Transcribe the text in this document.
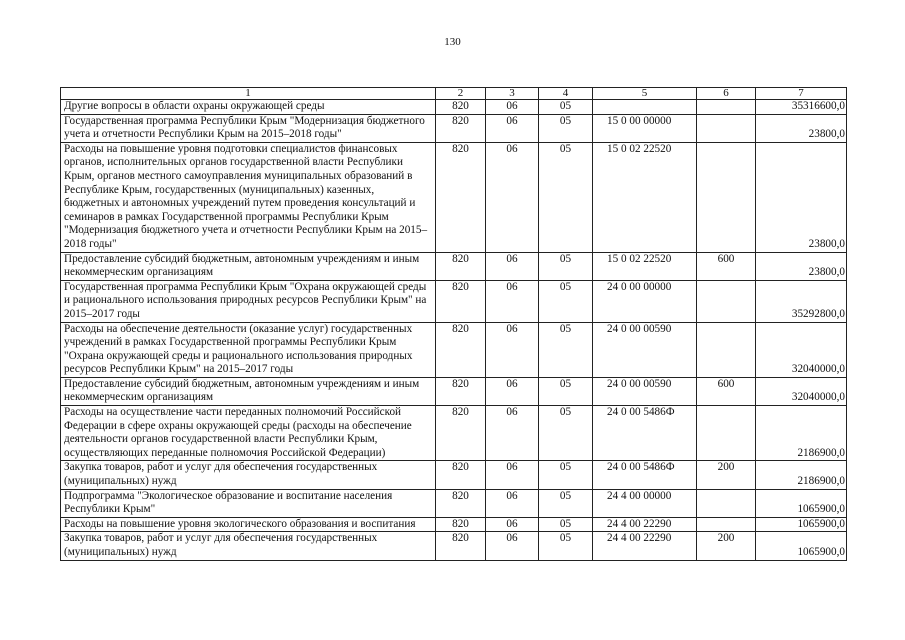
130
1	2	3	4	5	6	7
Другие вопросы в области охраны окружающей среды	820	06	05			35316600,0
Государственная программа Республики Крым "Модернизация бюджетного учета и отчетности Республики Крым на 2015–2018 годы"	820	06	05	15 0 00 00000		23800,0
Расходы на повышение уровня подготовки специалистов финансовых органов, исполнительных органов государственной власти Республики Крым, органов местного самоуправления муниципальных образований в Республике Крым, государственных (муниципальных) казенных, бюджетных и автономных учреждений путем проведения консультаций и семинаров в рамках Государственной программы Республики Крым "Модернизация бюджетного учета и отчетности Республики Крым на 2015–2018 годы"	820	06	05	15 0 02 22520		23800,0
Предоставление субсидий бюджетным, автономным учреждениям и иным некоммерческим организациям	820	06	05	15 0 02 22520	600	23800,0
Государственная программа Республики Крым "Охрана окружающей среды и рационального использования природных ресурсов Республики Крым" на 2015–2017 годы	820	06	05	24 0 00 00000		35292800,0
Расходы на обеспечение деятельности (оказание услуг) государственных учреждений в рамках Государственной программы Республики Крым "Охрана окружающей среды и рационального использования природных ресурсов Республики Крым" на 2015–2017 годы	820	06	05	24 0 00 00590		32040000,0
Предоставление субсидий бюджетным, автономным учреждениям и иным некоммерческим организациям	820	06	05	24 0 00 00590	600	32040000,0
Расходы на осуществление части переданных полномочий Российской Федерации в сфере охраны окружающей среды (расходы на обеспечение деятельности органов государственной власти Республики Крым, осуществляющих переданные полномочия Российской Федерации)	820	06	05	24 0 00 5486Ф		2186900,0
Закупка товаров, работ и услуг для обеспечения государственных (муниципальных) нужд	820	06	05	24 0 00 5486Ф	200	2186900,0
Подпрограмма "Экологическое образование и воспитание населения Республики Крым"	820	06	05	24 4 00 00000		1065900,0
Расходы на повышение уровня экологического образования и воспитания	820	06	05	24 4 00 22290		1065900,0
Закупка товаров, работ и услуг для обеспечения государственных (муниципальных) нужд	820	06	05	24 4 00 22290	200	1065900,0
